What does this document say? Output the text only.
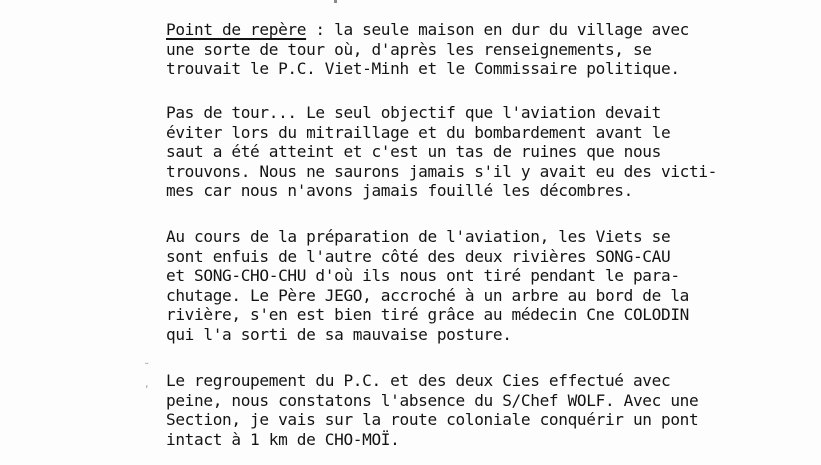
Point de repère : la seule maison en dur du village avec
une sorte de tour où, d'après les renseignements, se
trouvait le P.C. Viet-Minh et le Commissaire politique.
Pas de tour... Le seul objectif que l'aviation devait
éviter lors du mitraillage et du bombardement avant le
saut a été atteint et c'est un tas de ruines que nous
trouvons. Nous ne saurons jamais s'il y avait eu des victi-
mes car nous n'avons jamais fouillé les décombres.
Au cours de la préparation de l'aviation, les Viets se
sont enfuis de l'autre côté des deux rivières SONG-CAU
et SONG-CHO-CHU d'où ils nous ont tiré pendant le para-
chutage. Le Père JEGO, accroché à un arbre au bord de la
rivière, s'en est bien tiré grâce au médecin Cne COLODIN
qui l'a sorti de sa mauvaise posture.
˘
‚ Le regroupement du P.C. et des deux Cies effectué avec
peine, nous constatons l'absence du S/Chef WOLF. Avec une
Section, je vais sur la route coloniale conquérir un pont
intact à 1 km de CHO-MOÏ.
